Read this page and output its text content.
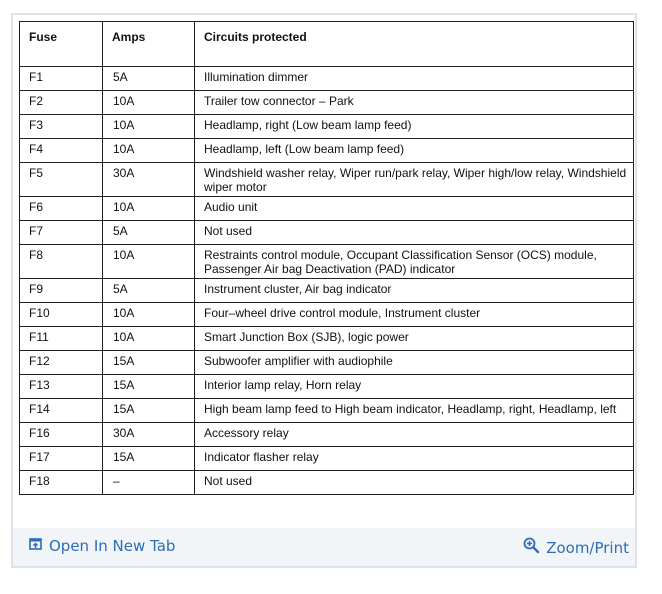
Fuse	Amps	Circuits protected
F1	5A	Illumination dimmer
F2	10A	Trailer tow connector – Park
F3	10A	Headlamp, right (Low beam lamp feed)
F4	10A	Headlamp, left (Low beam lamp feed)
F5	30A	Windshield washer relay, Wiper run/park relay, Wiper high/low relay, Windshield wiper motor
F6	10A	Audio unit
F7	5A	Not used
F8	10A	Restraints control module, Occupant Classification Sensor (OCS) module, Passenger Air bag Deactivation (PAD) indicator
F9	5A	Instrument cluster, Air bag indicator
F10	10A	Four–wheel drive control module, Instrument cluster
F11	10A	Smart Junction Box (SJB), logic power
F12	15A	Subwoofer amplifier with audiophile
F13	15A	Interior lamp relay, Horn relay
F14	15A	High beam lamp feed to High beam indicator, Headlamp, right, Headlamp, left
F16	30A	Accessory relay
F17	15A	Indicator flasher relay
F18	–	Not used
Open In New Tab	Zoom/Print
